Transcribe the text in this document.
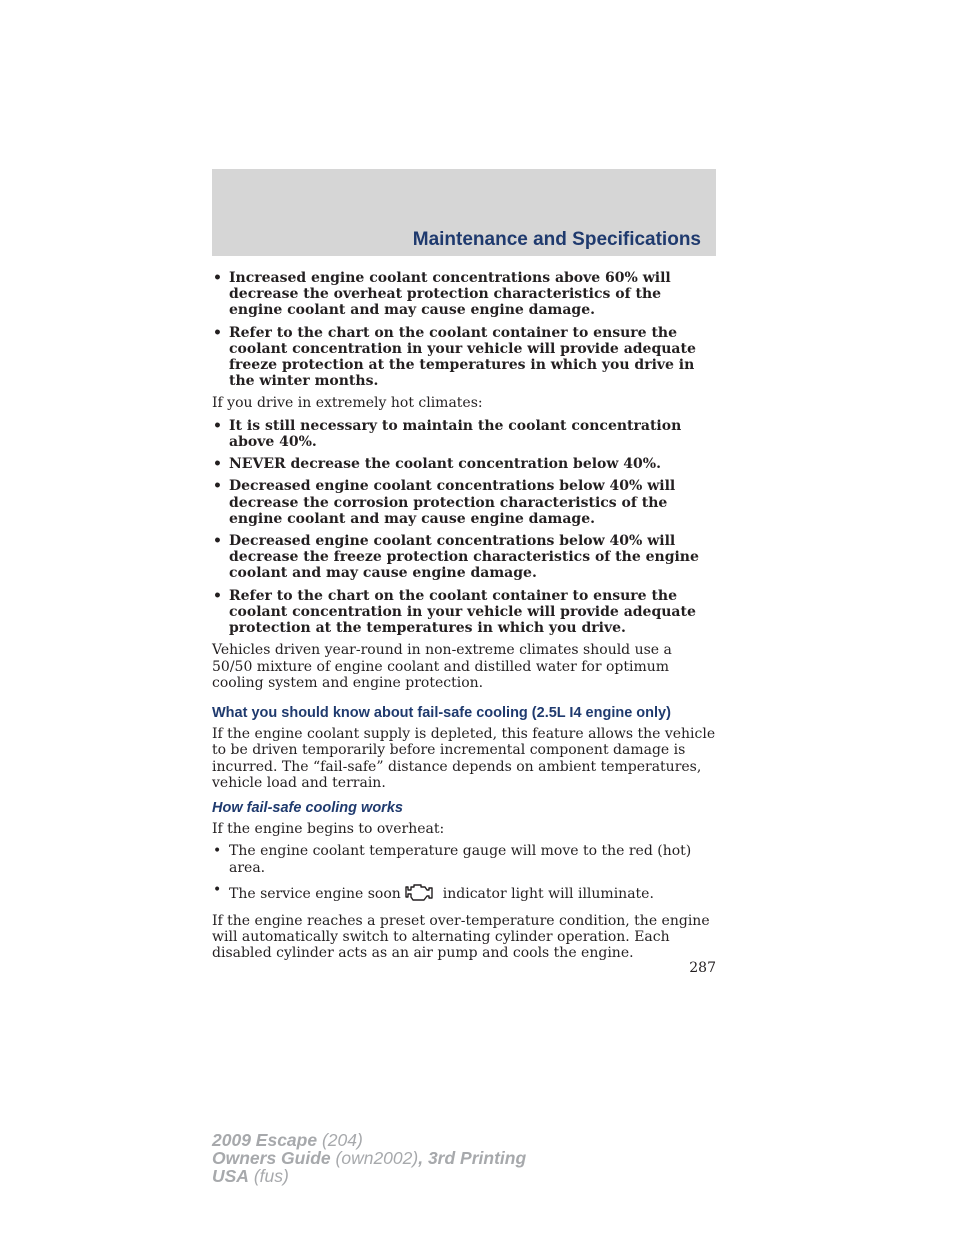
Maintenance and Specifications
• Increased engine coolant concentrations above 60% will decrease the overheat protection characteristics of the engine coolant and may cause engine damage.
• Refer to the chart on the coolant container to ensure the coolant concentration in your vehicle will provide adequate freeze protection at the temperatures in which you drive in the winter months.

If you drive in extremely hot climates:

• It is still necessary to maintain the coolant concentration above 40%.
• NEVER decrease the coolant concentration below 40%.
• Decreased engine coolant concentrations below 40% will decrease the corrosion protection characteristics of the engine coolant and may cause engine damage.
• Decreased engine coolant concentrations below 40% will decrease the freeze protection characteristics of the engine coolant and may cause engine damage.
• Refer to the chart on the coolant container to ensure the coolant concentration in your vehicle will provide adequate protection at the temperatures in which you drive.

Vehicles driven year-round in non-extreme climates should use a 50/50 mixture of engine coolant and distilled water for optimum cooling system and engine protection.

What you should know about fail-safe cooling (2.5L I4 engine only)

If the engine coolant supply is depleted, this feature allows the vehicle to be driven temporarily before incremental component damage is incurred. The “fail-safe” distance depends on ambient temperatures, vehicle load and terrain.

How fail-safe cooling works

If the engine begins to overheat:

• The engine coolant temperature gauge will move to the red (hot) area.
• The service engine soon	indicator light will illuminate.

If the engine reaches a preset over-temperature condition, the engine will automatically switch to alternating cylinder operation. Each disabled cylinder acts as an air pump and cools the engine.

287
2009 Escape (204)
Owners Guide (own2002), 3rd Printing
USA (fus)
